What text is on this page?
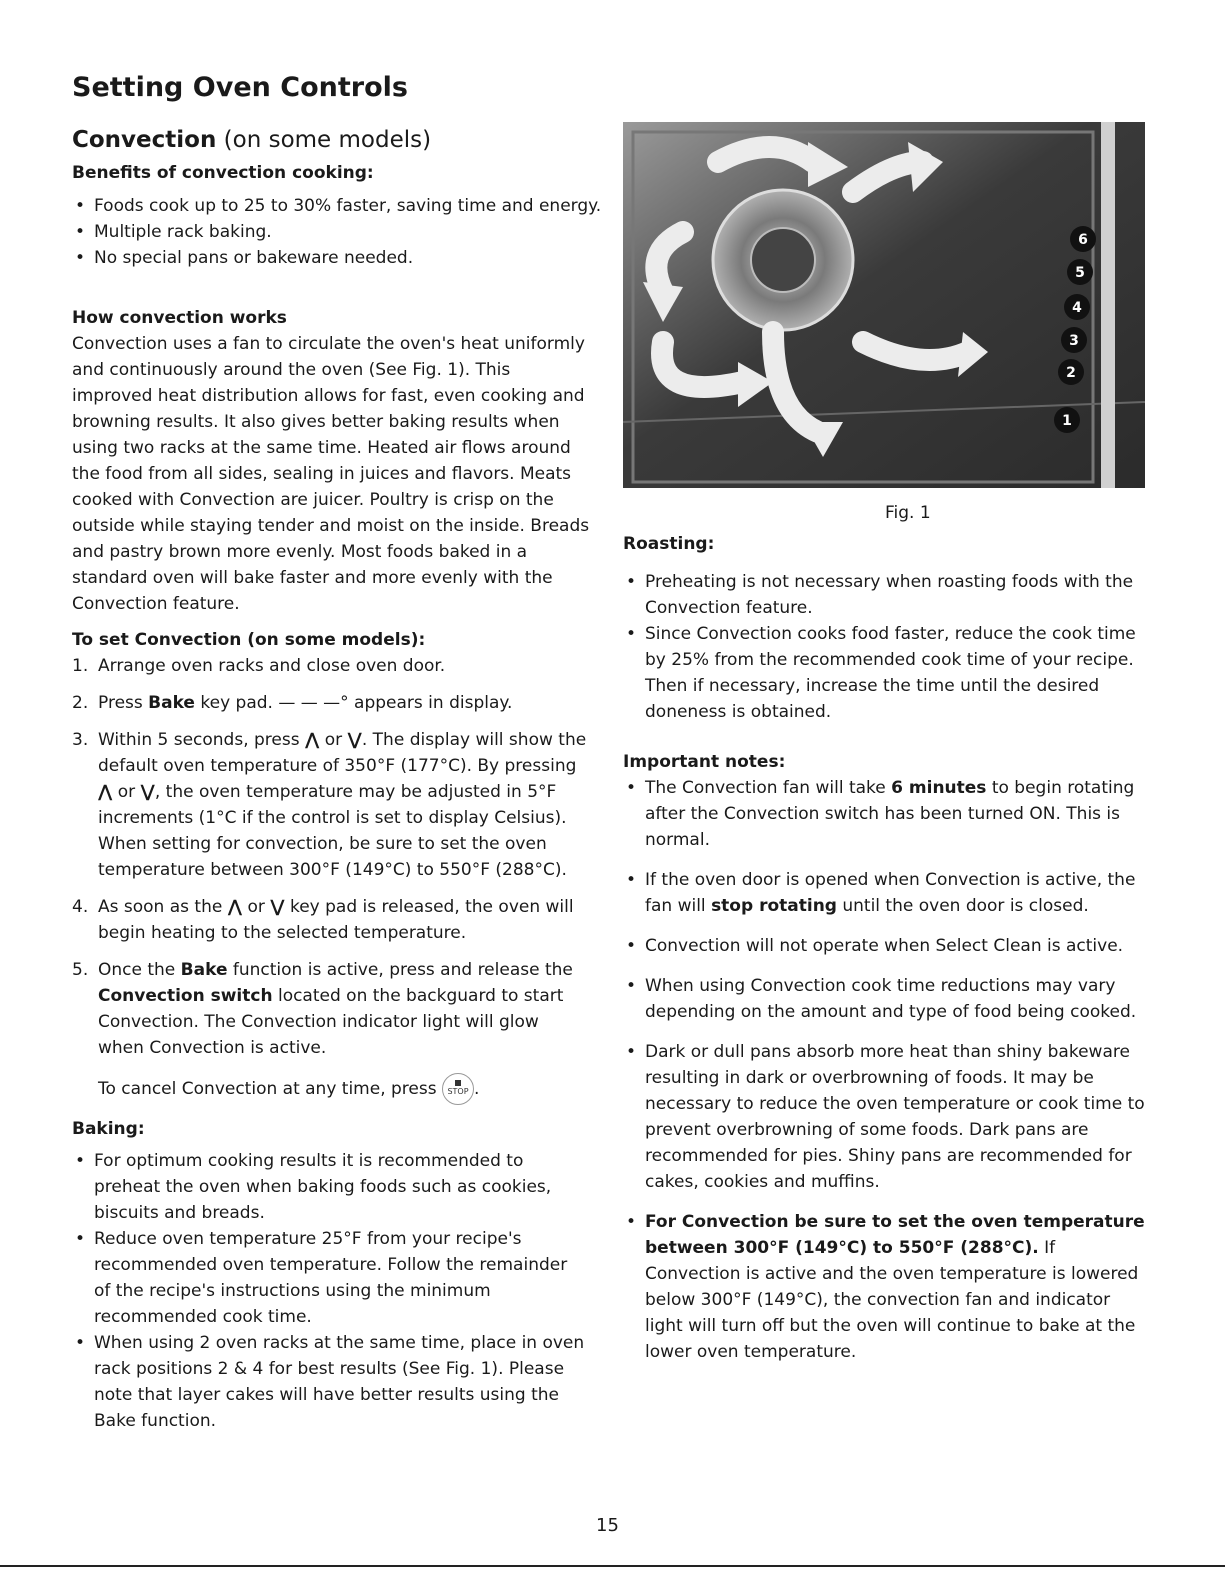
Setting Oven Controls
Convection (on some models)

Benefits of convection cooking:

• Foods cook up to 25 to 30% faster, saving time and energy.
• Multiple rack baking.
• No special pans or bakeware needed.

How convection works

Convection uses a fan to circulate the oven's heat uniformly and continuously around the oven (See Fig. 1). This improved heat distribution allows for fast, even cooking and browning results. It also gives better baking results when using two racks at the same time. Heated air flows around the food from all sides, sealing in juices and flavors. Meats cooked with Convection are juicer. Poultry is crisp on the outside while staying tender and moist on the inside. Breads and pastry brown more evenly. Most foods baked in a standard oven will bake faster and more evenly with the Convection feature.

To set Convection (on some models):

1. Arrange oven racks and close oven door.
2. Press Bake key pad. — — —° appears in display.
3. Within 5 seconds, press ⋀ or ⋁. The display will show the default oven temperature of 350°F (177°C). By pressing ⋀ or ⋁, the oven temperature may be adjusted in 5°F increments (1°C if the control is set to display Celsius). When setting for convection, be sure to set the oven temperature between 300°F (149°C) to 550°F (288°C).
4. As soon as the ⋀ or ⋁ key pad is released, the oven will begin heating to the selected temperature.
5. Once the Bake function is active, press and release the Convection switch located on the backguard to start Convection. The Convection indicator light will glow when Convection is active.
To cancel Convection at any time, press STOP .

Baking:

• For optimum cooking results it is recommended to preheat the oven when baking foods such as cookies, biscuits and breads.
• Reduce oven temperature 25°F from your recipe's recommended oven temperature. Follow the remainder of the recipe's instructions using the minimum recommended cook time.
• When using 2 oven racks at the same time, place in oven rack positions 2 & 4 for best results (See Fig. 1). Please note that layer cakes will have better results using the Bake function.
6
5
4
3
2
1
Fig. 1

Roasting:

• Preheating is not necessary when roasting foods with the Convection feature.
• Since Convection cooks food faster, reduce the cook time by 25% from the recommended cook time of your recipe. Then if necessary, increase the time until the desired doneness is obtained.

Important notes:

• The Convection fan will take 6 minutes to begin rotating after the Convection switch has been turned ON. This is normal.
• If the oven door is opened when Convection is active, the fan will stop rotating until the oven door is closed.
• Convection will not operate when Select Clean is active.
• When using Convection cook time reductions may vary depending on the amount and type of food being cooked.
• Dark or dull pans absorb more heat than shiny bakeware resulting in dark or overbrowning of foods. It may be necessary to reduce the oven temperature or cook time to prevent overbrowning of some foods. Dark pans are recommended for pies. Shiny pans are recommended for cakes, cookies and muffins.
• For Convection be sure to set the oven temperature between 300°F (149°C) to 550°F (288°C). If Convection is active and the oven temperature is lowered below 300°F (149°C), the convection fan and indicator light will turn off but the oven will continue to bake at the lower oven temperature.
15
